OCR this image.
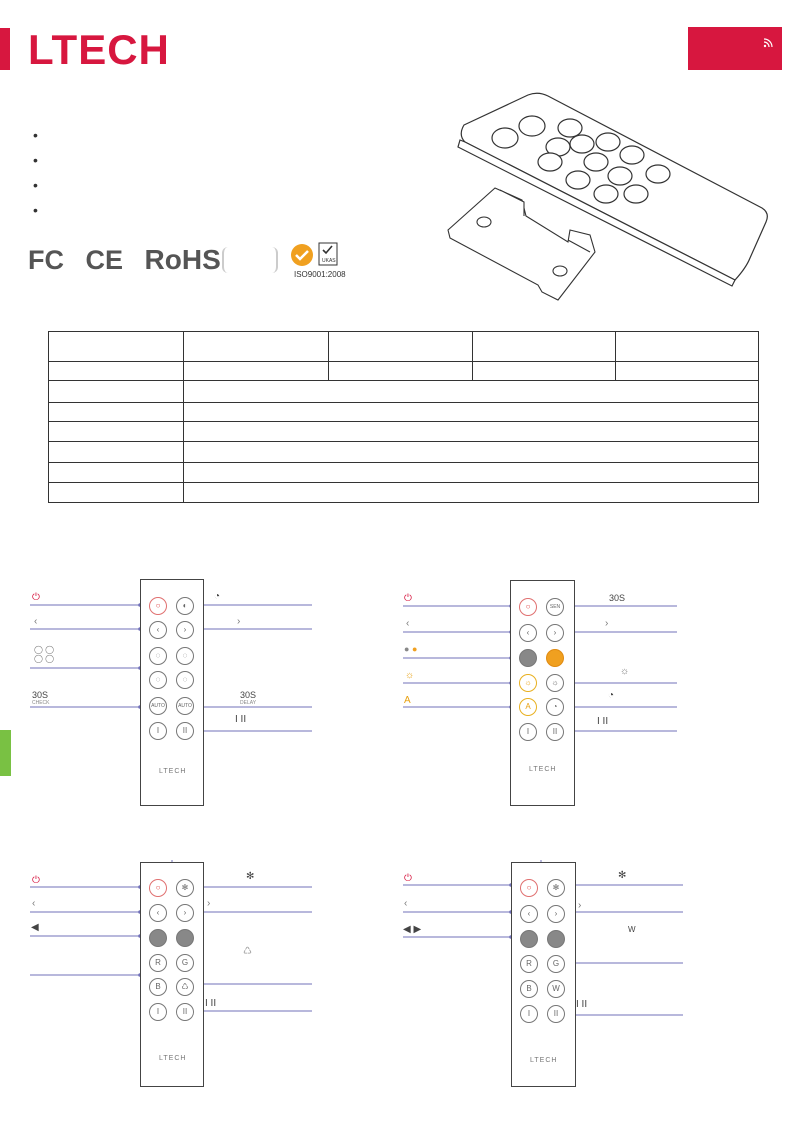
LTECH
•
•
•
•
FC CE RoHS	UKAS
ISO9001:2008
○	◐
‹	›
◌	◌
◌	◌
AUTO	AUTO
I	II
LTECH
⏻
‹
◯ ◯
◯ ◯
30S
CHECK
◔
›
30S
DELAY
I II
○	SEN
‹	›
☼	☼
A	◔
I	II
LTECH
⏻
‹
● ●
☼
A
30S
›
☼
◔
I II
○	✻
‹	›
R	G
B	♺
I	II
LTECH
⏻
‹
◀
✻
›
♺
I II
○	✻
‹	›
R	G
B	W
I	II
LTECH
⏻
‹
◀ ▶
✻
›
W
I II
